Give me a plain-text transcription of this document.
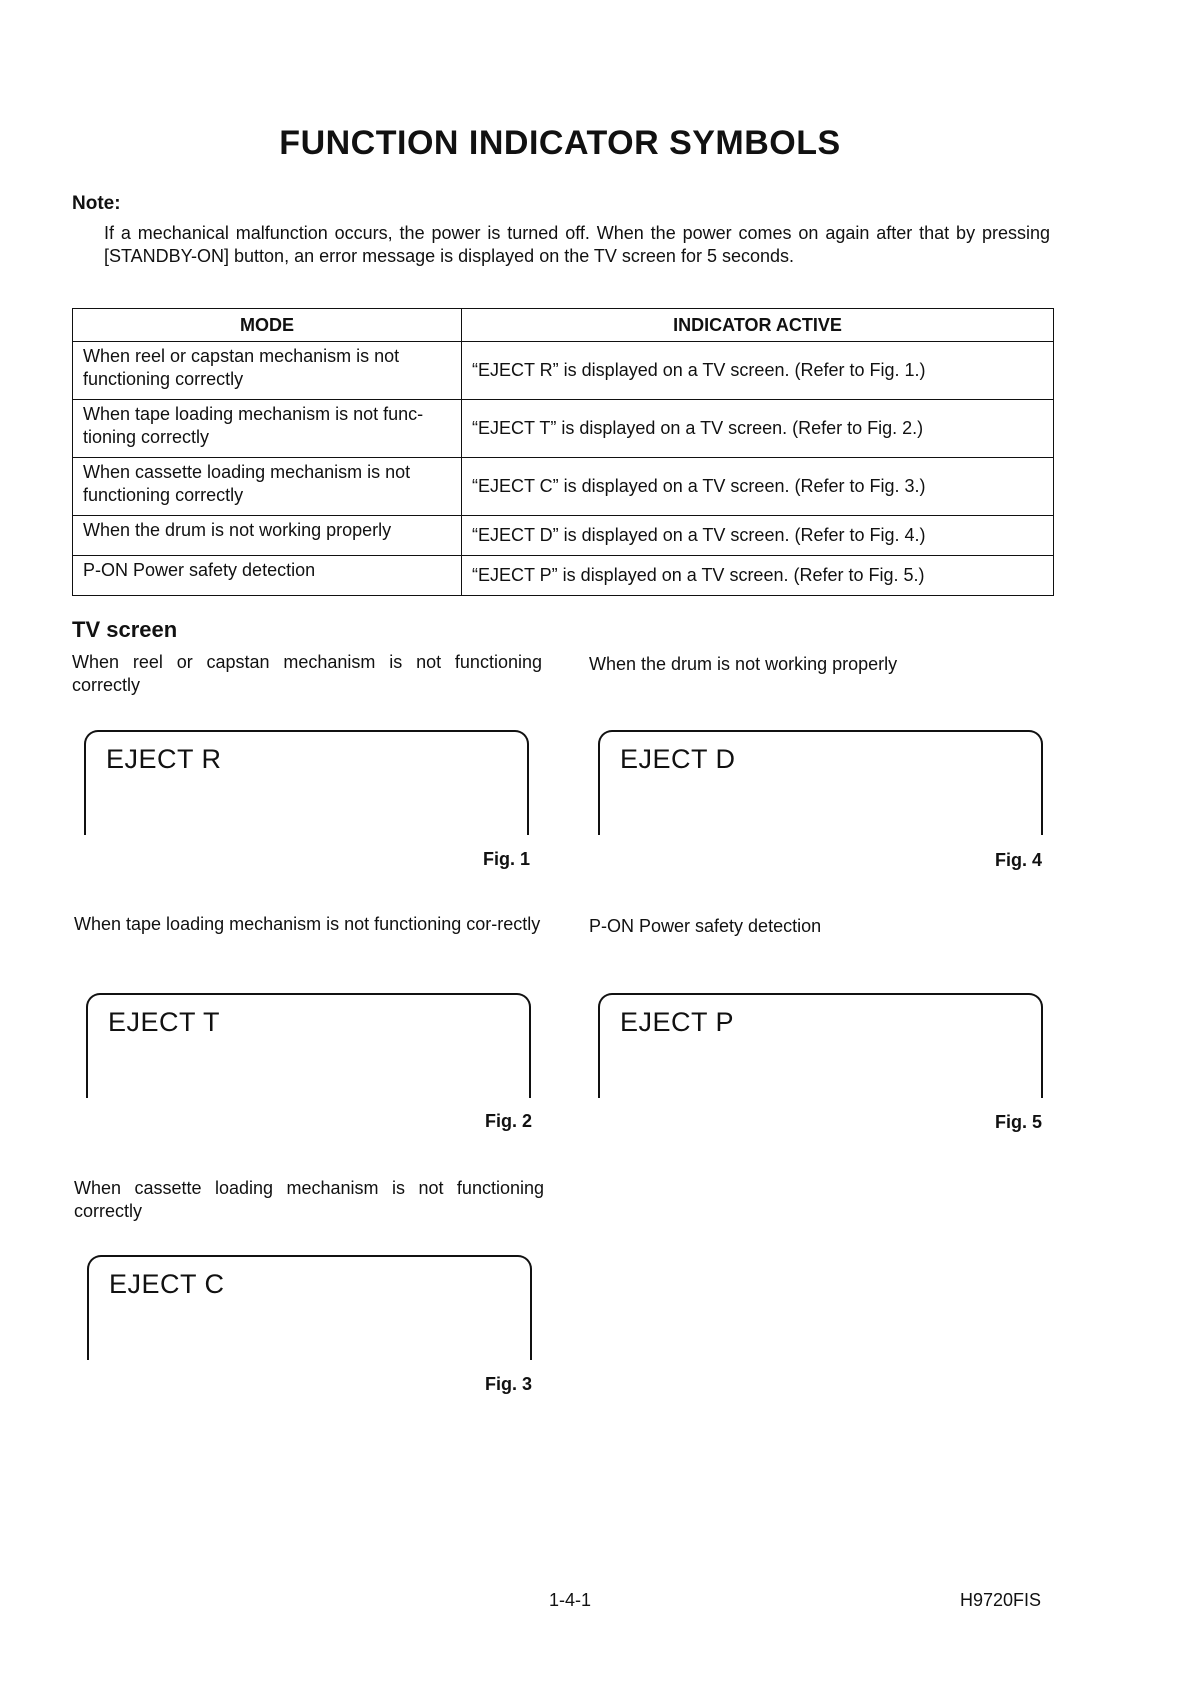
FUNCTION INDICATOR SYMBOLS
Note:
If a mechanical malfunction occurs, the power is turned off. When the power comes on again after that by pressing [STANDBY-ON] button, an error message is displayed on the TV screen for 5 seconds.
MODE	INDICATOR ACTIVE
When reel or capstan mechanism is not functioning correctly	“EJECT R” is displayed on a TV screen. (Refer to Fig. 1.)
When tape loading mechanism is not func-tioning correctly	“EJECT T” is displayed on a TV screen. (Refer to Fig. 2.)
When cassette loading mechanism is not functioning correctly	“EJECT C” is displayed on a TV screen. (Refer to Fig. 3.)
When the drum is not working properly	“EJECT D” is displayed on a TV screen. (Refer to Fig. 4.)
P-ON Power safety detection	“EJECT P” is displayed on a TV screen. (Refer to Fig. 5.)
TV screen
When reel or capstan mechanism is not functioning correctly
EJECT R
Fig. 1
When tape loading mechanism is not functioning cor-rectly
EJECT T
Fig. 2
When cassette loading mechanism is not functioning correctly
EJECT C
Fig. 3
When the drum is not working properly
EJECT D
Fig. 4
P-ON Power safety detection
EJECT P
Fig. 5
1-4-1	H9720FIS
